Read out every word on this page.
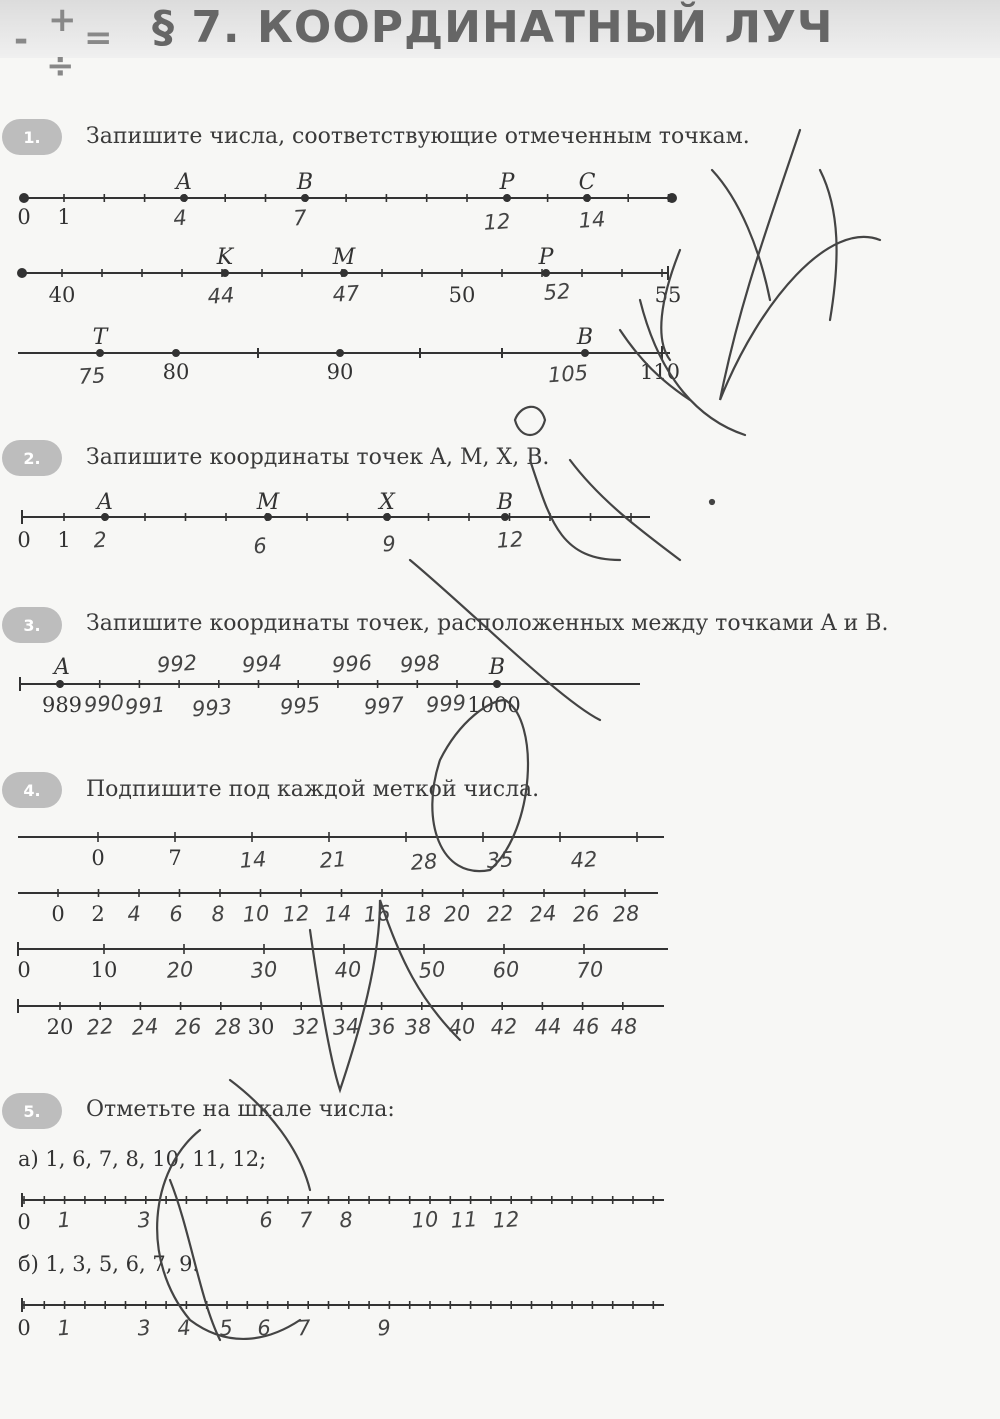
- + =
÷
§ 7. КООРДИНАТНЫЙ ЛУЧ
1.	Запишите числа, соответствующие отмеченным точкам.
0 1
A	B	P	C
4	7	12	14
40	50	55
K	M	P
44	47	52
T	B
80	90	110
75	105
2.	Запишите координаты точек A, M, X, B.
0 1
A	M	X	B
2	6	9	12
3.	Запишите координаты точек, расположенных между точками A и B.
A	B
989	1000
992 994 996 998
990 991 993 995 997 999
4.	Подпишите под каждой меткой числа.
0	7	14 21	28 35	42
0 2 4 6 8 10 12 14 16 18 20 22 24 26 28
0	10 20	30	40	50 60	70
20	30
22 24 26 28 32 34 36 38 40 42 44 46 48
5.	Отметьте на шкале числа:
а) 1, 6, 7, 8, 10, 11, 12;
0 1	3	6 7 8	10 11 12
б) 1, 3, 5, 6, 7, 9.
0 1	3 4 5 6 7	9
